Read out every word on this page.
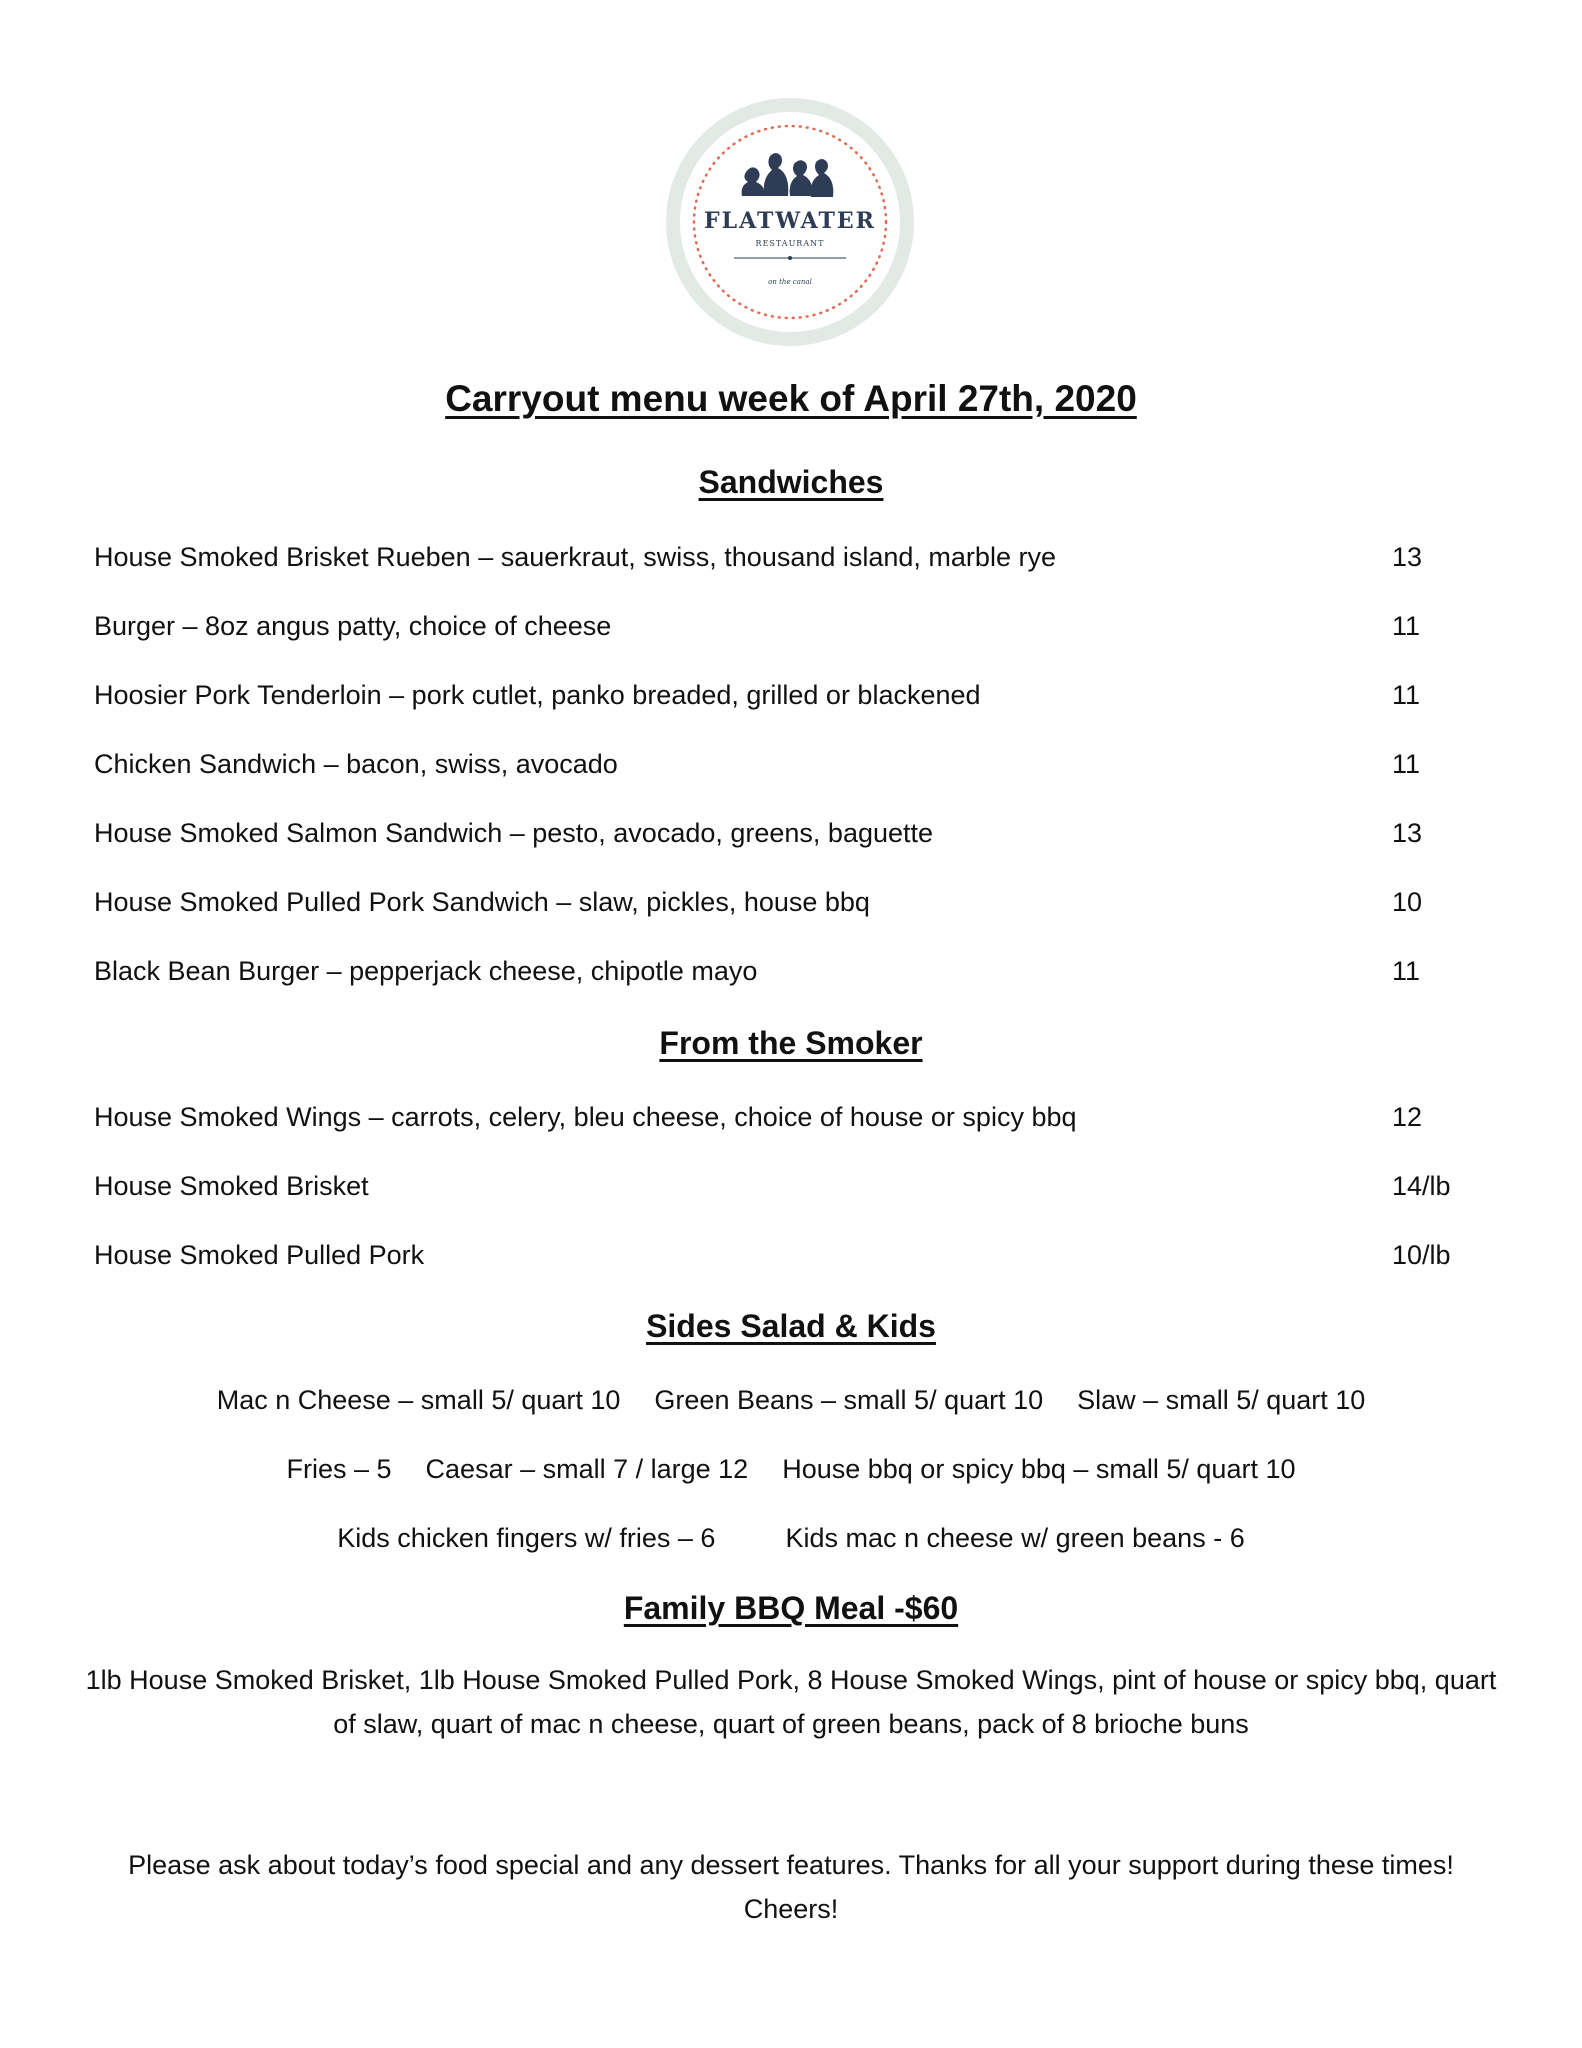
FLATWATER
RESTAURANT
on the canal
Carryout menu week of April 27th, 2020
Sandwiches
House Smoked Brisket Rueben – sauerkraut, swiss, thousand island, marble rye	13
Burger – 8oz angus patty, choice of cheese	11
Hoosier Pork Tenderloin – pork cutlet, panko breaded, grilled or blackened	11
Chicken Sandwich – bacon, swiss, avocado	11
House Smoked Salmon Sandwich – pesto, avocado, greens, baguette	13
House Smoked Pulled Pork Sandwich – slaw, pickles, house bbq	10
Black Bean Burger – pepperjack cheese, chipotle mayo	11
From the Smoker
House Smoked Wings – carrots, celery, bleu cheese, choice of house or spicy bbq	12
House Smoked Brisket	14/lb
House Smoked Pulled Pork	10/lb
Sides Salad & Kids
Mac n Cheese – small 5/ quart 10 Green Beans – small 5/ quart 10 Slaw – small 5/ quart 10
Fries – 5 Caesar – small 7 / large 12 House bbq or spicy bbq – small 5/ quart 10
Kids chicken fingers w/ fries – 6	Kids mac n cheese w/ green beans - 6
Family BBQ Meal -$60
1lb House Smoked Brisket, 1lb House Smoked Pulled Pork, 8 House Smoked Wings, pint of house or spicy bbq, quart of slaw, quart of mac n cheese, quart of green beans, pack of 8 brioche buns
Please ask about today’s food special and any dessert features. Thanks for all your support during these times! Cheers!
